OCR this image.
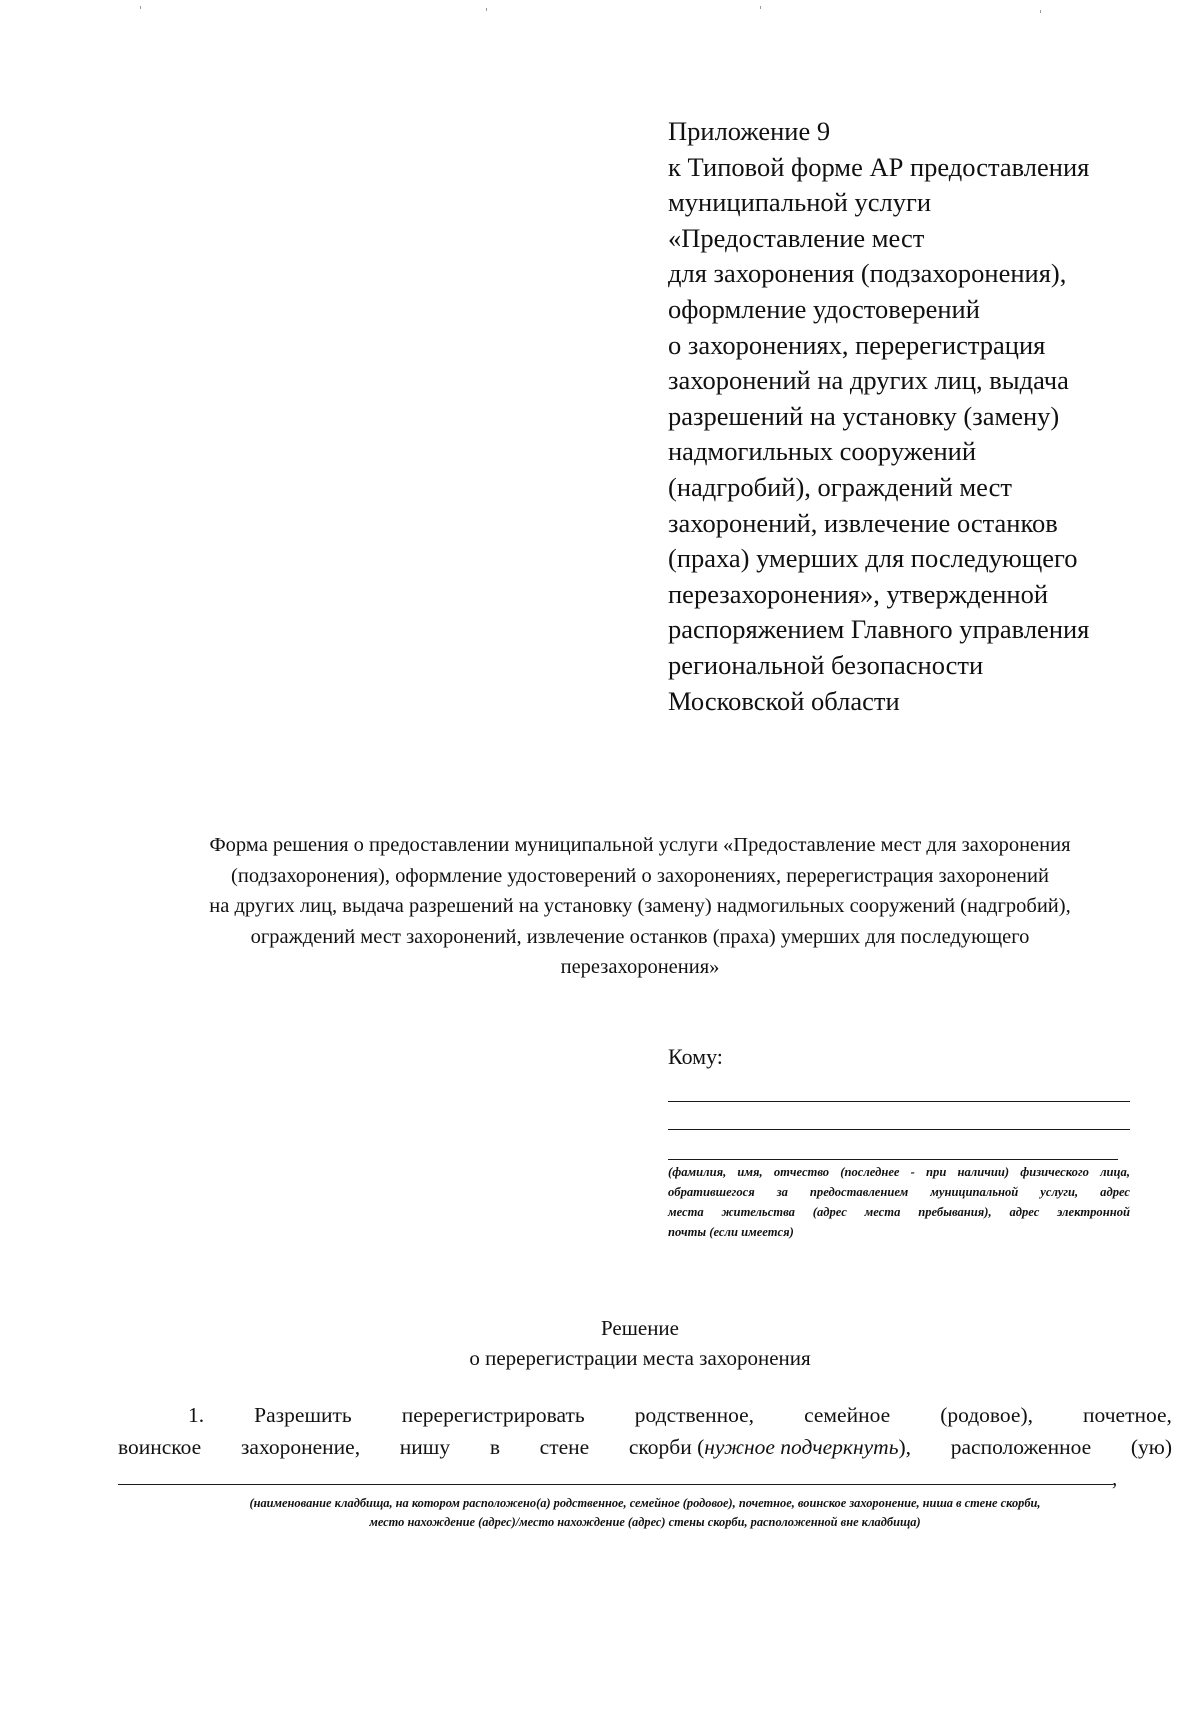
Приложение 9
к Типовой форме АР предоставления
муниципальной услуги
«Предоставление мест
для захоронения (подзахоронения),
оформление удостоверений
о захоронениях, перерегистрация
захоронений на других лиц, выдача
разрешений на установку (замену)
надмогильных сооружений
(надгробий), ограждений мест
захоронений, извлечение останков
(праха) умерших для последующего
перезахоронения», утвержденной
распоряжением Главного управления
региональной безопасности
Московской области
Форма решения о предоставлении муниципальной услуги «Предоставление мест для захоронения
(подзахоронения), оформление удостоверений о захоронениях, перерегистрация захоронений
на других лиц, выдача разрешений на установку (замену) надмогильных сооружений (надгробий),
ограждений мест захоронений, извлечение останков (праха) умерших для последующего
перезахоронения»
Кому:
(фамилия, имя, отчество (последнее - при наличии) физического лица,
обратившегося за предоставлением муниципальной услуги, адрес
места жительства (адрес места пребывания), адрес электронной
почты (если имеется)
Решение
о перерегистрации места захоронения
1. Разрешить перерегистрировать родственное, семейное (родовое), почетное,
воинское захоронение, нишу в стене скорби (нужное подчеркнуть), расположенное (ую)
,
(наименование кладбища, на котором расположено(а) родственное, семейное (родовое), почетное, воинское захоронение, ниша в стене скорби,
место нахождение (адрес)/место нахождение (адрес) стены скорби, расположенной вне кладбища)
